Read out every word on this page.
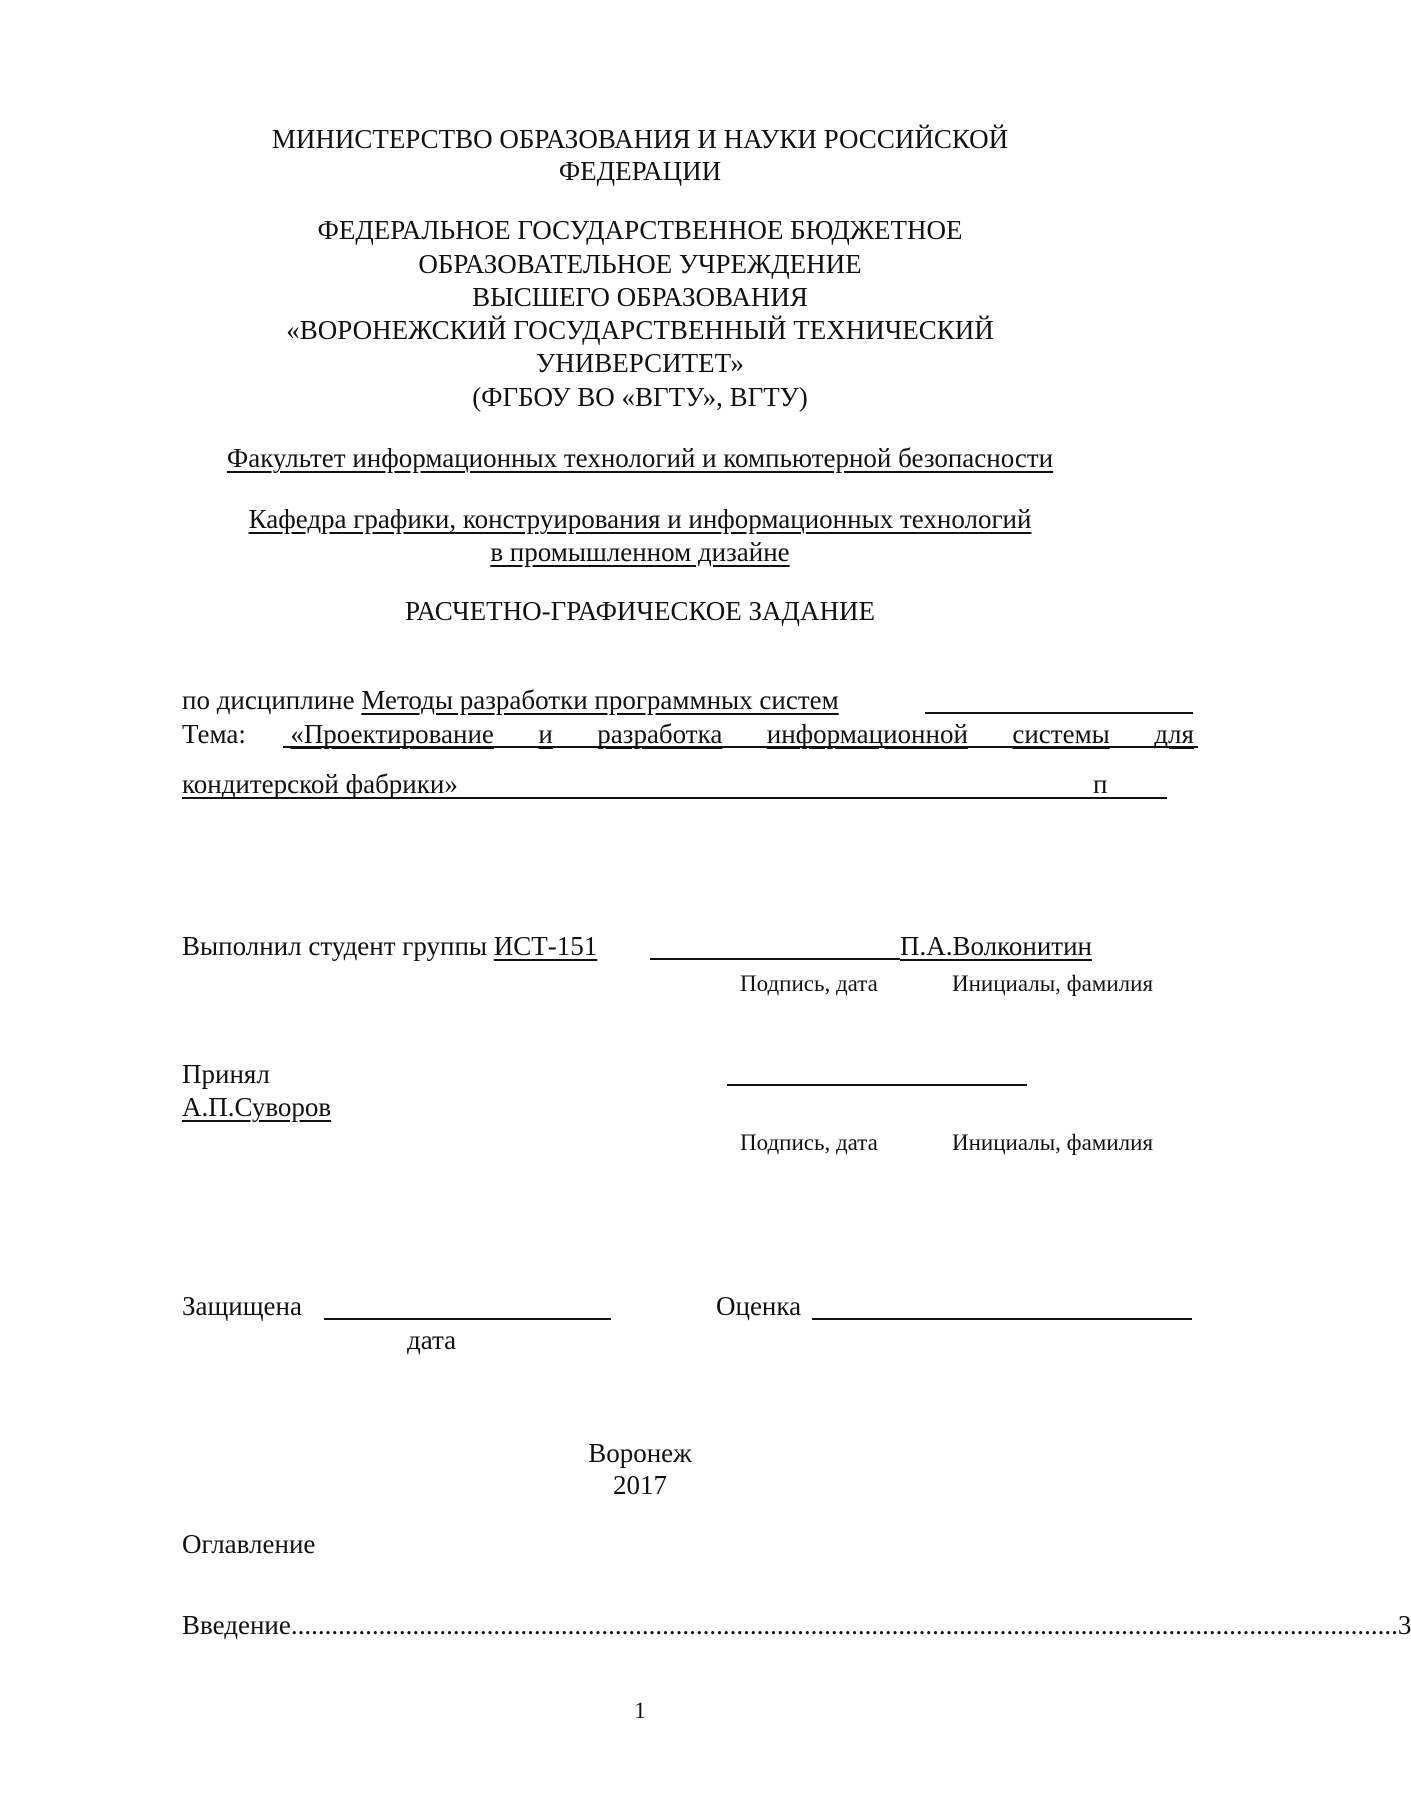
МИНИСТЕРСТВО ОБРАЗОВАНИЯ И НАУКИ РОССИЙСКОЙ
ФЕДЕРАЦИИ
ФЕДЕРАЛЬНОЕ ГОСУДАРСТВЕННОЕ БЮДЖЕТНОЕ
ОБРАЗОВАТЕЛЬНОЕ УЧРЕЖДЕНИЕ
ВЫСШЕГО ОБРАЗОВАНИЯ
«ВОРОНЕЖСКИЙ ГОСУДАРСТВЕННЫЙ ТЕХНИЧЕСКИЙ
УНИВЕРСИТЕТ»
(ФГБОУ ВО «ВГТУ», ВГТУ)
Факультет информационных технологий и компьютерной безопасности
Кафедра графики, конструирования и информационных технологий
в промышленном дизайне
РАСЧЕТНО-ГРАФИЧЕСКОЕ ЗАДАНИЕ
по дисциплине Методы разработки программных систем
Тема: «Проектирование и разработка информационной системы для
кондитерской фабрики»	п
Выполнил студент группы ИСТ-151	П.А.Волконитин
Подпись, дата	Инициалы, фамилия
Принял
А.П.Суворов
Подпись, дата	Инициалы, фамилия
Защищена
дата
Оценка
Воронеж
2017
Оглавление
Введение .................................................................................................................................................................... 3
1
